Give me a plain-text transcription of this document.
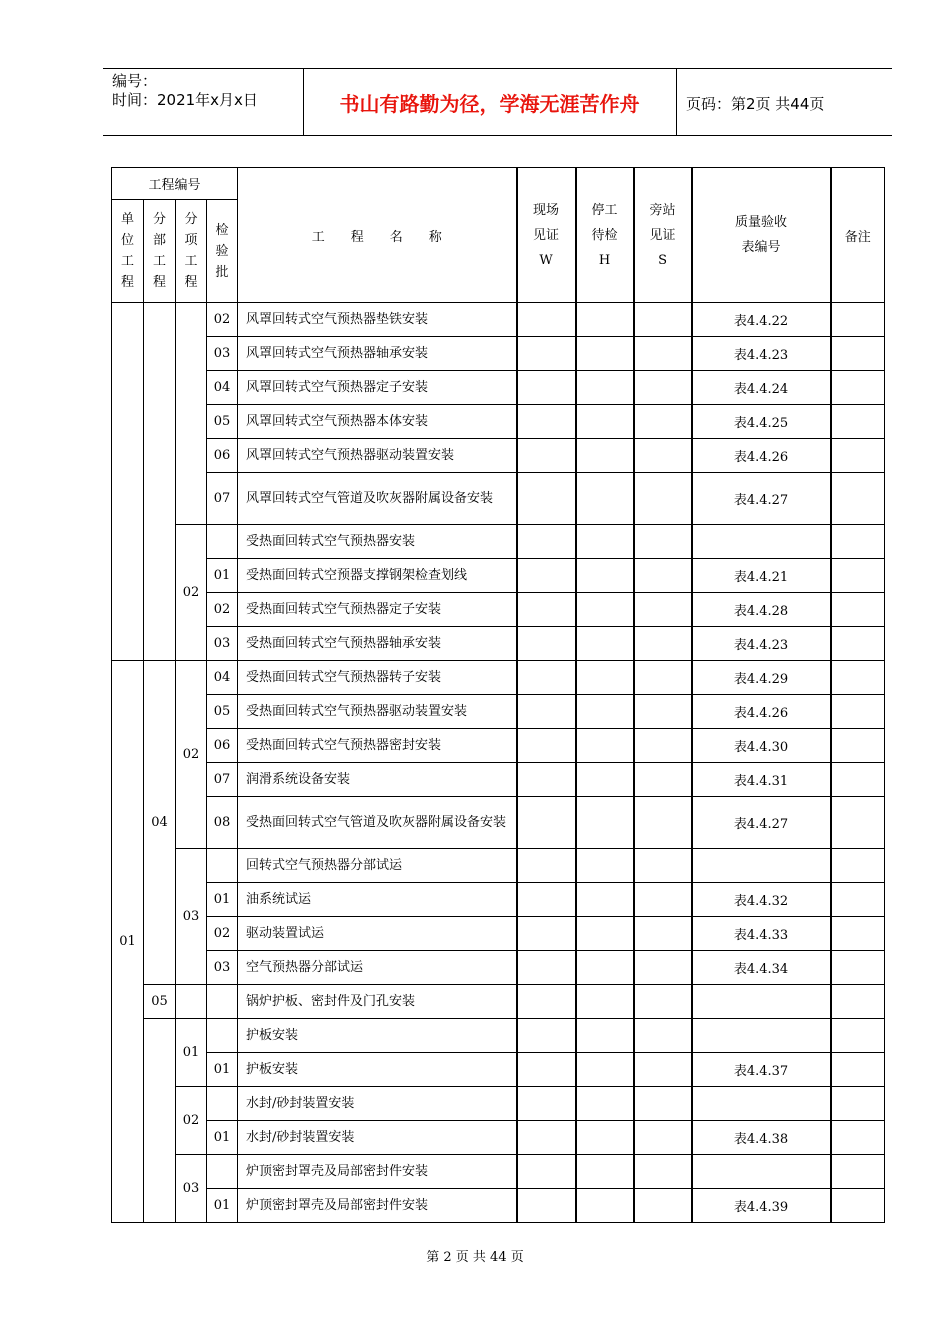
编号：
时间：2021年x月x日	书山有路勤为径，学海无涯苦作舟	页码：第2页 共44页
工程编号				工　　程　　名　　称	现场
见证
W	停工
待检
H	旁站
见证
S	质量验收
表编号	备注

单
位
工
程	分
部
工
程	分
项
工
程	检
验
批						

			02	风罩回转式空气预热器垫铁安装				表4.4.22	
			03	风罩回转式空气预热器轴承安装				表4.4.23	
			04	风罩回转式空气预热器定子安装				表4.4.24	
			05	风罩回转式空气预热器本体安装				表4.4.25	
			06	风罩回转式空气预热器驱动装置安装				表4.4.26	
			07	风罩回转式空气管道及吹灰器附属设备安装				表4.4.27	
		02		受热面回转式空气预热器安装					
			01	受热面回转式空预器支撑钢架检查划线				表4.4.21	
			02	受热面回转式空气预热器定子安装				表4.4.28	
			03	受热面回转式空气预热器轴承安装				表4.4.23	
01	04	02	04	受热面回转式空气预热器转子安装				表4.4.29	
			05	受热面回转式空气预热器驱动装置安装				表4.4.26	
			06	受热面回转式空气预热器密封安装				表4.4.30	
			07	润滑系统设备安装				表4.4.31	
			08	受热面回转式空气管道及吹灰器附属设备安装				表4.4.27	
		03		回转式空气预热器分部试运					
			01	油系统试运				表4.4.32	
			02	驱动装置试运				表4.4.33	
			03	空气预热器分部试运				表4.4.34	
	05			锅炉护板、密封件及门孔安装					
		01		护板安装					
			01	护板安装				表4.4.37	
		02		水封/砂封装置安装					
			01	水封/砂封装置安装				表4.4.38	
		03		炉顶密封罩壳及局部密封件安装					
			01	炉顶密封罩壳及局部密封件安装				表4.4.39	
第 2 页 共 44 页
